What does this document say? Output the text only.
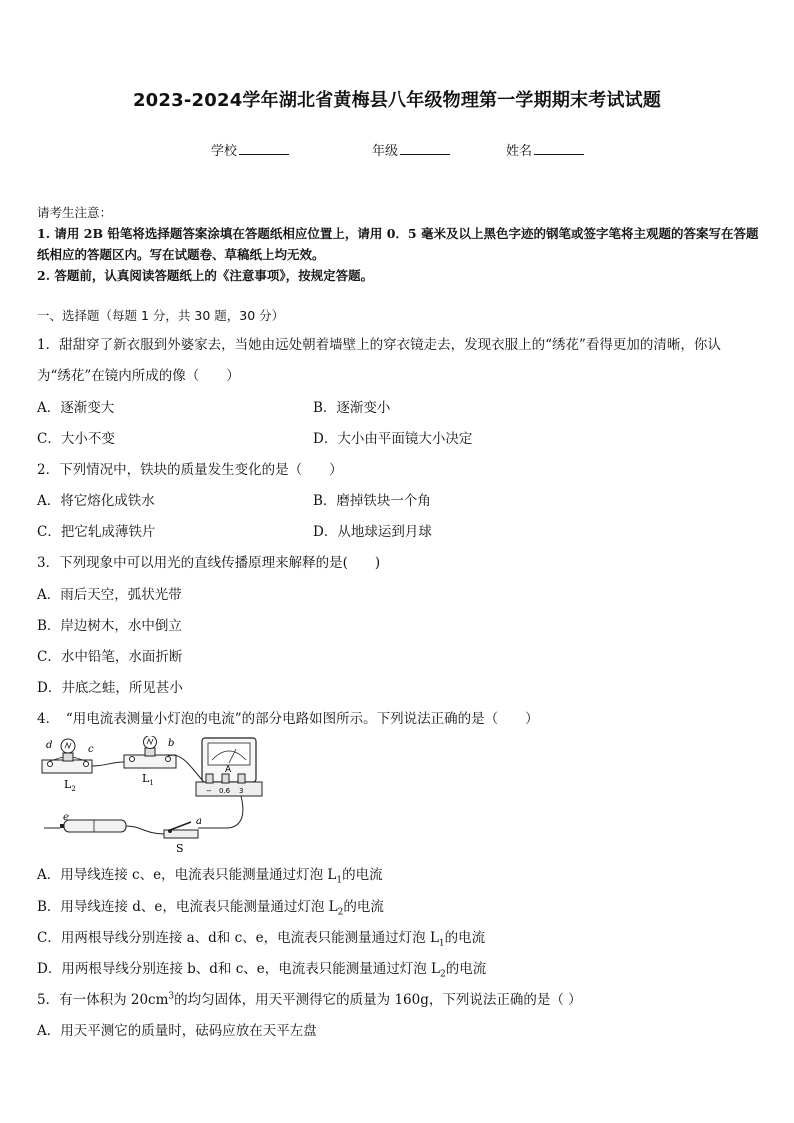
2023-2024学年湖北省黄梅县八年级物理第一学期期末考试试题
学校	年级	姓名
请考生注意：
1. 请用 2B 铅笔将选择题答案涂填在答题纸相应位置上，请用 0．5 毫米及以上黑色字迹的钢笔或签字笔将主观题的答案写在答题纸相应的答题区内。写在试题卷、草稿纸上均无效。
2. 答题前，认真阅读答题纸上的《注意事项》，按规定答题。
一、选择题（每题 1 分，共 30 题，30 分）
1．甜甜穿了新衣服到外婆家去，当她由远处朝着墙壁上的穿衣镜走去，发现衣服上的“绣花”看得更加的清晰，你认
为“绣花”在镜内所成的像（　　）
A．逐渐变大	B．逐渐变小
C．大小不变	D．大小由平面镜大小决定
2．下列情况中，铁块的质量发生变化的是（　　）
A．将它熔化成铁水	B．磨掉铁块一个角
C．把它轧成薄铁片	D．从地球运到月球
3．下列现象中可以用光的直线传播原理来解释的是(　　)
A．雨后天空，弧状光带
B．岸边树木，水中倒立
C．水中铅笔，水面折断
D．井底之蛙，所见甚小
4．　“用电流表测量小灯泡的电流”的部分电路如图所示。下列说法正确的是（　　）
d	c
b
a
e
$L_2$
$L_1$
A
− 0.6 3
S
A．用导线连接 c、e，电流表只能测量通过灯泡 $L_1$的电流
B．用导线连接 d、e，电流表只能测量通过灯泡 $L_2$的电流
C．用两根导线分别连接 a、d和 c、e，电流表只能测量通过灯泡 $L_1$的电流
D．用两根导线分别连接 b、d和 c、e，电流表只能测量通过灯泡 $L_2$的电流
5．有一体积为 $20cm^3$的均匀固体，用天平测得它的质量为 160g，下列说法正确的是（ ）
A．用天平测它的质量时，砝码应放在天平左盘
